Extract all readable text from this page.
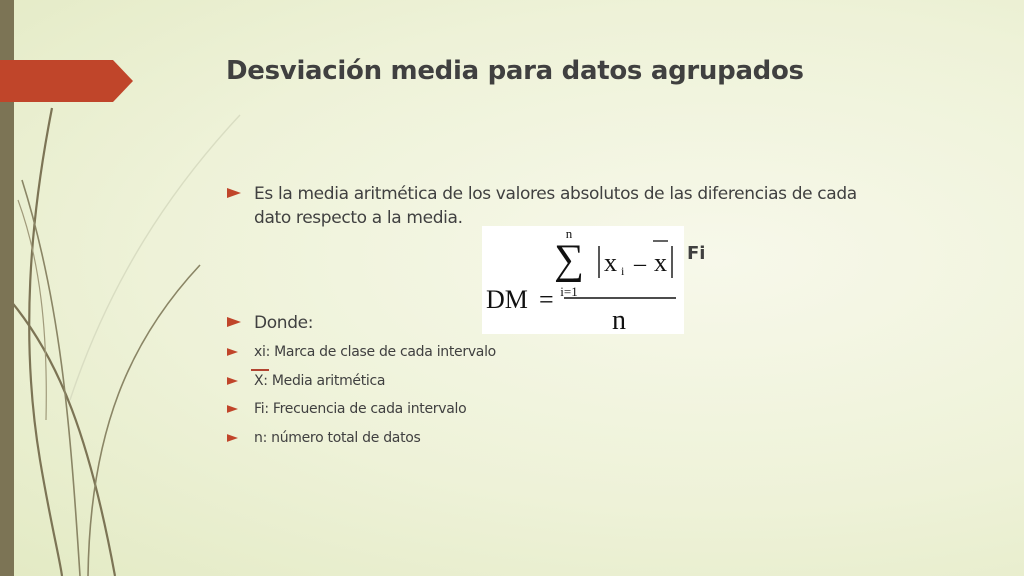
Desviación media para datos agrupados
Es la media aritmética de los valores absolutos de las diferencias de cada
dato respecto a la media.
n
∑
i=1
x i – x
DM =
n
Fi
Donde:
xi: Marca de clase de cada intervalo
X: Media aritmética
Fi: Frecuencia de cada intervalo
n: número total de datos
